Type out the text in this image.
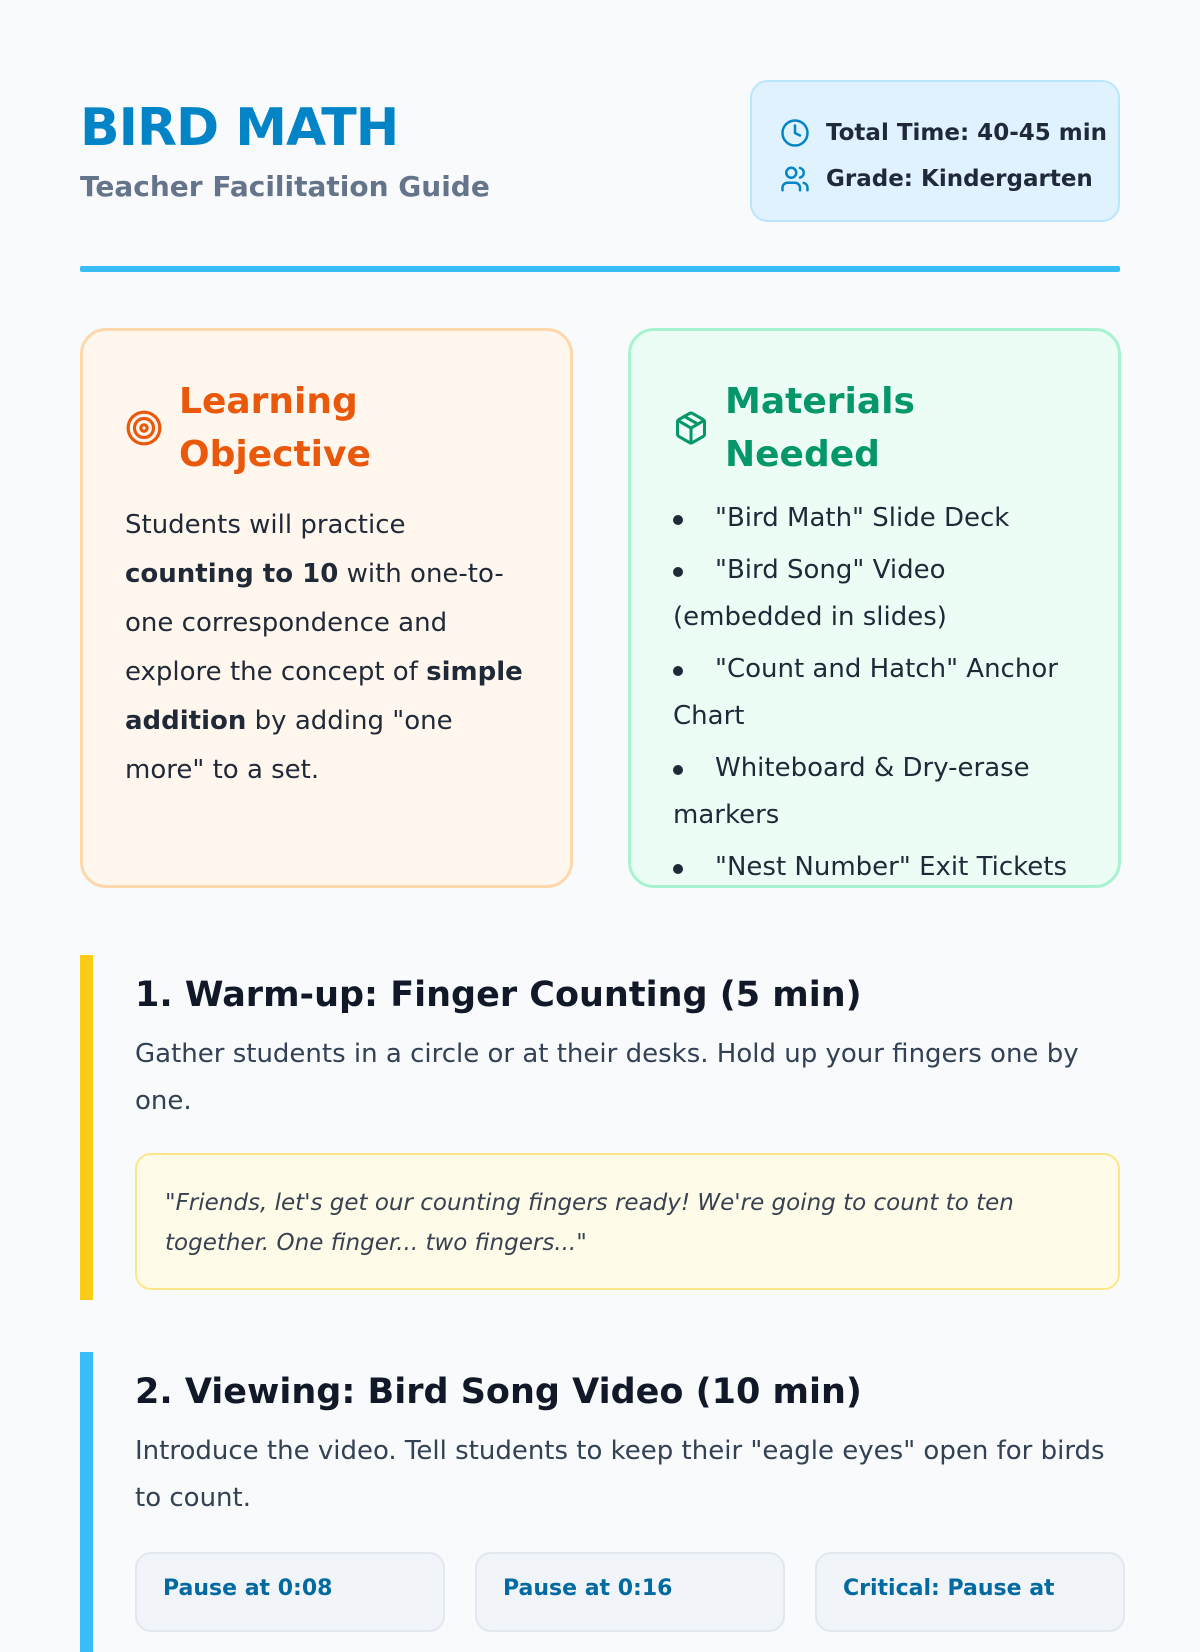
BIRD MATH
Teacher Facilitation Guide
Total Time: 40-45 min
Grade: Kindergarten
Learning Objective
Students will practice counting to 10 with one-to-one correspondence and explore the concept of simple addition by adding "one more" to a set.
Materials Needed
"Bird Math" Slide Deck
"Bird Song" Video (embedded in slides)
"Count and Hatch" Anchor Chart
Whiteboard & Dry-erase markers
"Nest Number" Exit Tickets
1. Warm-up: Finger Counting (5 min)
Gather students in a circle or at their desks. Hold up your fingers one by one.
"Friends, let's get our counting fingers ready! We're going to count to ten together. One finger... two fingers..."
2. Viewing: Bird Song Video (10 min)
Introduce the video. Tell students to keep their "eagle eyes" open for birds to count.
Pause at 0:08	Pause at 0:16	Critical: Pause at
